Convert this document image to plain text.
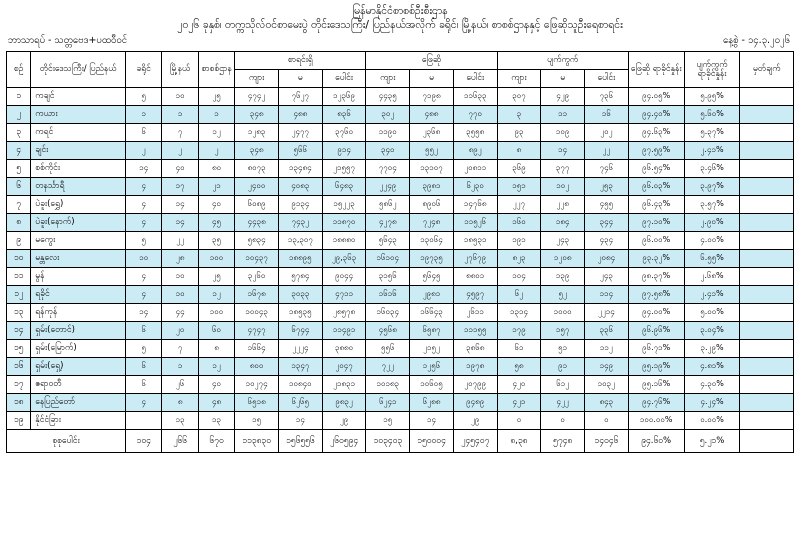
မြန်မာနိုင်ငံစာစစ်ဦးစီးဌာန
၂၀၂၆ ခုနှစ်၊ တက္ကသိုလ်ဝင်စာမေးပွဲ တိုင်းဒေသကြီး/ ပြည်နယ်အလိုက် ခရိုင်၊ မြို့နယ်၊ စာစစ်ဌာနနှင့် ဖြေဆိုသူဦးရေစာရင်း
ဘာသာရပ် - သတ္တဗေဒ+ပထဝီဝင်	နေ့စွဲ - ၁၄.၃.၂၀၂၆
စဉ်	တိုင်းဒေသကြီး/ ပြည်နယ်	ခရိုင်	မြို့နယ်	စာစစ်ဌာန	စာရင်းရှိ			ဖြေဆို			ပျက်ကွက်			ဖြေဆို ရာခိုင်နှုန်း	ပျက်ကွက် ရာခိုင်နှုန်း	မှတ်ချက်
					ကျား	မ	ပေါင်း	ကျား	မ	ပေါင်း	ကျား	မ	ပေါင်း			
၁	ကချင်	၅	၁၀	၂၅	၄၇၄၂	၇၆၂၇	၁၂၃၆၉	၄၄၃၅	၇၁၉၈	၁၁၆၃၃	၃၀၇	၄၂၉	၇၃၆	၉၄.၀၅%	၅.၉၅%	
၂	ကယား	၁	၁	၁	၃၄၈	၄၈၈	၈၃၆	၃၀၂	၄၈၈	၇၇၀	၃	၁၁	၁၆	၉၄.၄၀%	၅.၆၀%	
၃	ကရင်	၆	၇	၁၂	၁၂၈၃	၂၄၇၇	၃၇၆၀	၁၁၉၀	၂၃၆၈	၃၅၅၈	၉၃	၁၀၉	၂၀၂	၉၄.၆၃%	၅.၃၇%	
၄	ချင်း	၂	၂	၂	၃၄၈	၅၆၆	၉၁၄	၃၄၀	၅၅၂	၈၉၂	၈	၁၄	၂၂	၉၇.၅၉%	၂.၄၁%	
၅	စစ်ကိုင်း	၁၄	၄၀	၈၀	၈၀၇၃	၁၃၄၈၄	၂၁၅၅၇	၇၇၀၄	၁၃၁၀၇	၂၀၈၁၁	၃၆၉	၃၇၇	၇၄၆	၉၆.၅၄%	၃.၄၆%	
၆	တနင်္သာရီ	၄	၁၇	၂၁	၂၄၀၀	၄၀၈၃	၆၄၈၃	၂၂၄၉	၃၉၈၁	၆၂၃၀	၁၅၁	၁၀၂	၂၅၃	၉၆.၀၃%	၃.၉၇%	
၇	ပဲခူး(ရွှေ)	၄	၁၄	၄၀	၆၀၈၉	၉၁၃၄	၁၅၂၂၃	၅၈၆၂	၈၉၀၆	၁၄၇၆၈	၂၂၇	၂၂၈	၄၅၅	၉၆.၄၃%	၃.၅၇%	
၈	ပဲခူး(နောက်)	၄	၁၄	၄၅	၄၄၃၈	၇၄၃၂	၁၁၈၇၀	၄၂၇၈	၇၂၄၈	၁၁၅၂၆	၁၆၀	၁၈၄	၃၄၄	၉၇.၁၀%	၂.၉၀%	
၉	မကွေး	၅	၂၂	၃၅	၅၈၃၄	၁၃,၃၀၇	၁၈၈၈၀	၅၆၄၃	၁၃၀၆၄	၁၈၅၃၁	၁၉၁	၂၄၃	၄၃၄	၉၆.၀၀%	၄.၀၀%	
၁၀	မန္တလေး	၁၀	၂၈	၁၀၀	၁၀၄၃၇	၁၈၈၉၅	၂၉,၃၆၃	၁၆၁၀၄	၁၉၇၃၅	၂၇၆၇၉	၈၂၃	၁၂၀၈	၂၀၈၄	၉၃.၃၂%	၆.၅၅%	
၁၁	မွန်	၄	၁၀	၂၅	၃၂၆၀	၅၇၈၄	၉၀၄၄	၃၁၅၆	၅၆၄၅	၈၈၀၁	၁၀၄	၁၃၉	၂၄၃	၉၈.၃၇%	၂.၆၈%	
၁၂	ရခိုင်	၄	၁၀	၁၂	၁၆၇၈	၃၀၃၃	၄၇၁၁	၁၆၁၆	၂၉၈၁	၄၅၉၇	၆၂	၅၂	၁၁၄	၉၇.၅၈%	၂.၄၁%	
၁၃	ရန်ကုန်	၁၄	၄၄	၁၀၀	၁၀၀၄၃	၁၈၅၃၅	၂၈၅၇၈	၁၆၀၃၄	၁၆၆၄၃	၂၆၁၁	၁၃၁၄	၁၀၀၀	၂၂၁၄	၉၄.၀၀%	၅.၀၀%	
၁၄	ရှမ်း(တောင်)	၆	၂၀	၆၀	၄၇၄၇	၆၇၄၄	၁၁၄၉၁	၄၅၆၈	၆၅၈၇	၁၁၁၅၅	၁၇၉	၁၅၇	၃၃၆	၉၆.၉၆%	၃.၀၄%	
၁၅	ရှမ်း(မြောက်)	၅	၇	၈	၁၆၆၄	၂၂၂၄	၃၈၈၀	၅၅၆	၂၁၅၂	၃၈၆၈	၆၁	၅၁	၁၁၂	၉၆.၇၁%	၃.၂၉%	
၁၆	ရှမ်း(ရှေ့)	၆	၁	၁၂	၈၀၀	၁၃၄၇	၂၀၄၇	၇၂၂	၁၂၅၆	၁၉၇၈	၅၈	၉၁	၁၄၉	၉၅.၁၉%	၄.၈၁%	
၁၇	ဧရာဝတီ	၆	၂၆	၄၀	၁၀၂၇၄	၁၀၈၄၀	၂၁၈၃၁	၁၀၁၈၃	၁၀၆၀၅	၂၀၇၉၉	၄၂၀	၆၁၂	၁၀၃၂	၉၅.၁၆%	၄.၃၀%	
၁၈	နေပြည်တော်	၄	၈	၄၈	၆၅၁၈	၆၂၆၅	၉၈၃၂	၆၂၄၁	၆၂၈၈	၉၄၈၉	၄၂၁	၄၂၂	၈၄၃	၉၄.၇၆%	၄.၂၄%	
၁၉	နိုင်ငံခြား		၁၃	၁၃	၁၅	၁၄	၂၉	၁၅	၁၄	၂၉	၀	၀	၀	၁၀၀.၀၀%	၀.၀၀%	
စုစုပေါင်း		၁၀၄	၂၆၆	၆၇၀	၁၁၃၈၃၀	၁၅၆၅၅၆	၂၆၀၅၉၄	၁၀၃၄၀၃	၁၅၀၀၀၄	၂၄၅၄၀၇	၈,၃၈	၅၇၄၈	၁၄၀၄၆	၉၄.၆၀%	၅.၂၁%	
